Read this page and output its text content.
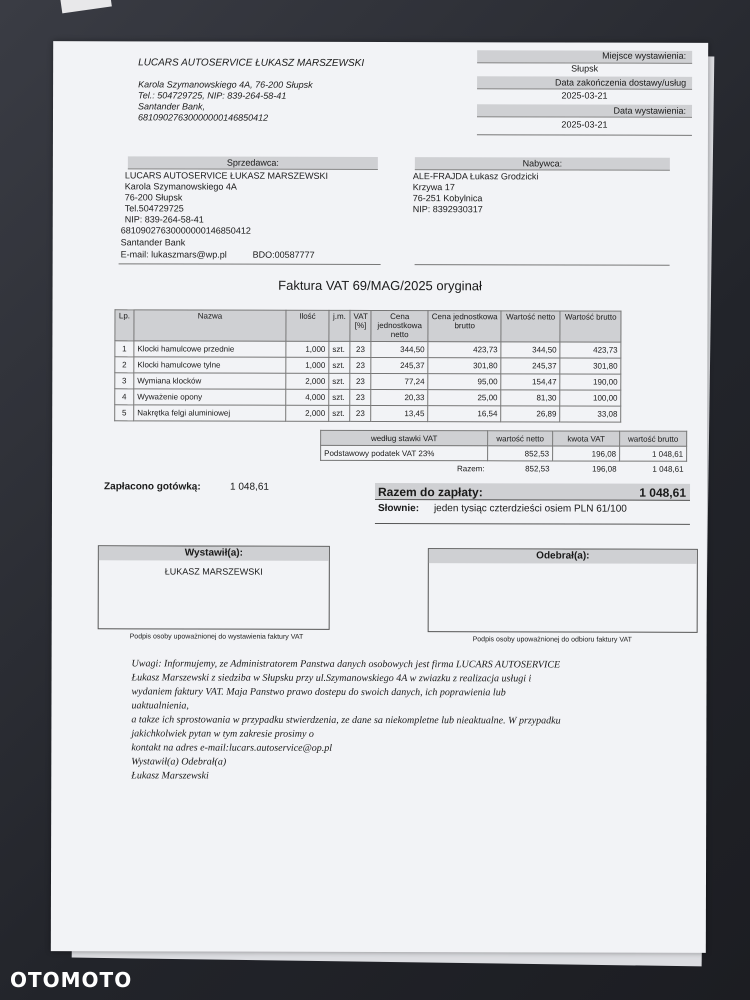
LUCARS AUTOSERVICE ŁUKASZ MARSZEWSKI
Karola Szymanowskiego 4A, 76-200 Słupsk
Tel.: 504729725, NIP: 839-264-58-41
Santander Bank,
68109027630000000146850412
Miejsce wystawienia:
Słupsk
Data zakończenia dostawy/usług
2025-03-21
Data wystawienia:
2025-03-21
Sprzedawca:
LUCARS AUTOSERVICE ŁUKASZ MARSZEWSKI
Karola Szymanowskiego 4A
76-200 Słupsk
Tel.504729725
NIP: 839-264-58-41
68109027630000000146850412
Santander Bank
E-mail: lukaszmars@wp.pl	BDO:00587777
Nabywca:
ALE-FRAJDA Łukasz Grodzicki
Krzywa 17
76-251 Kobylnica
NIP: 8392930317
Faktura VAT 69/MAG/2025 oryginał
Lp.	Nazwa	Ilość	j.m.	VAT [%]	Cena jednostkowa netto	Cena jednostkowa brutto	Wartość netto	Wartość brutto
1	Klocki hamulcowe przednie	1,000	szt.	23	344,50	423,73	344,50	423,73
2	Klocki hamulcowe tylne	1,000	szt.	23	245,37	301,80	245,37	301,80
3	Wymiana klocków	2,000	szt.	23	77,24	95,00	154,47	190,00
4	Wyważenie opony	4,000	szt.	23	20,33	25,00	81,30	100,00
5	Nakrętka felgi aluminiowej	2,000	szt.	23	13,45	16,54	26,89	33,08
według stawki VAT	wartość netto	kwota VAT	wartość brutto
Podstawowy podatek VAT 23%	852,53	196,08	1 048,61
Razem:	852,53	196,08	1 048,61
Zapłacono gotówką:	1 048,61	Razem do zapłaty:	1 048,61
Słownie: jeden tysiąc czterdzieści osiem PLN 61/100
Wystawił(a):
ŁUKASZ MARSZEWSKI
Podpis osoby upoważnionej do wystawienia faktury VAT
Odebrał(a):
Podpis osoby upoważnionej do odbioru faktury VAT
Uwagi: Informujemy, ze Administratorem Panstwa danych osobowych jest firma LUCARS AUTOSERVICE
Łukasz Marszewski z siedziba w Słupsku przy ul.Szymanowskiego 4A w zwiazku z realizacja usługi i
wydaniem faktury VAT. Maja Panstwo prawo dostepu do swoich danych, ich poprawienia lub
uaktualnienia,
a takze ich sprostowania w przypadku stwierdzenia, ze dane sa niekompletne lub nieaktualne. W przypadku
jakichkolwiek pytan w tym zakresie prosimy o
kontakt na adres e-mail:lucars.autoservice@op.pl
Wystawił(a) Odebrał(a)
Łukasz Marszewski
OTOMOTO
